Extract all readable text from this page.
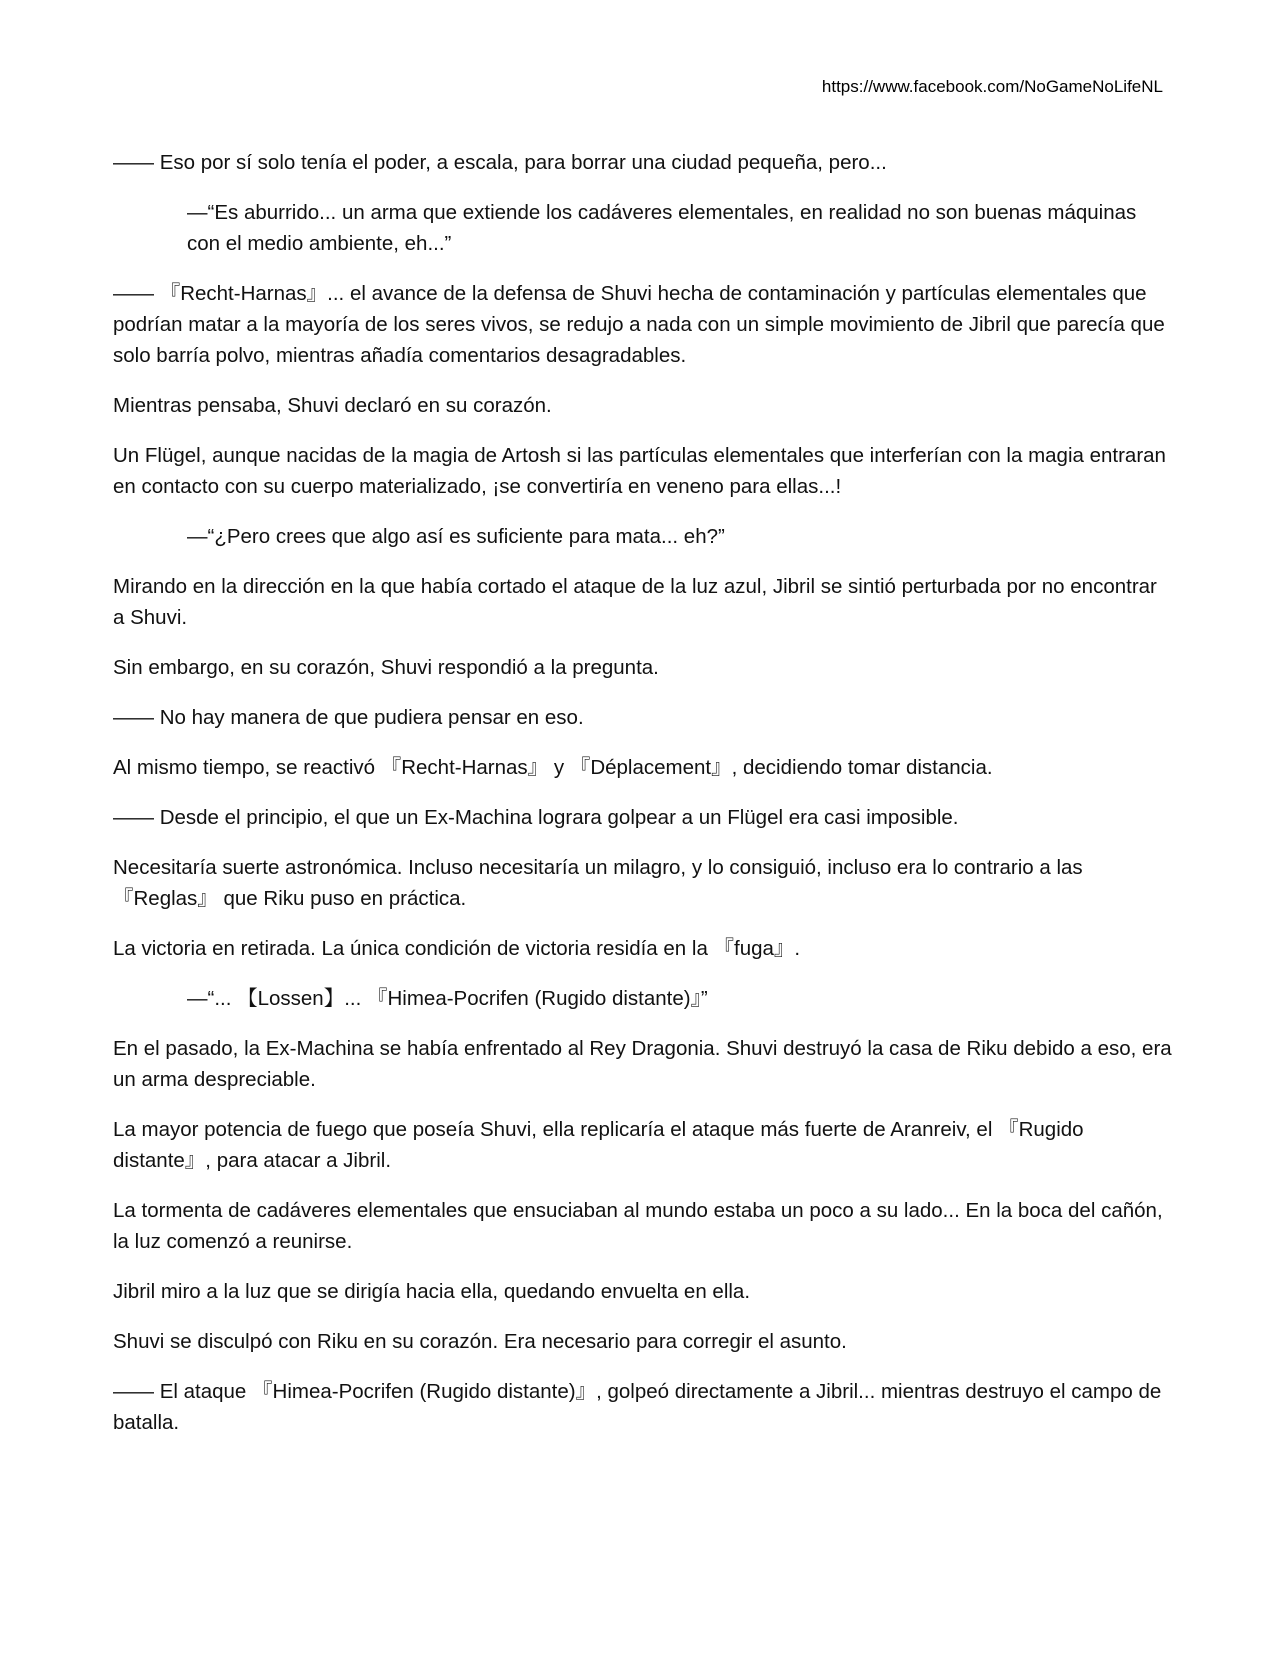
https://www.facebook.com/NoGameNoLifeNL

—— Eso por sí solo tenía el poder, a escala, para borrar una ciudad pequeña, pero...

—“Es aburrido... un arma que extiende los cadáveres elementales, en realidad no son buenas máquinas con el medio ambiente, eh...”

—— 『Recht-Harnas』... el avance de la defensa de Shuvi hecha de contaminación y partículas elementales que podrían matar a la mayoría de los seres vivos, se redujo a nada con un simple movimiento de Jibril que parecía que solo barría polvo, mientras añadía comentarios desagradables.

Mientras pensaba, Shuvi declaró en su corazón.

Un Flügel, aunque nacidas de la magia de Artosh si las partículas elementales que interferían con la magia entraran en contacto con su cuerpo materializado, ¡se convertiría en veneno para ellas...!

—“¿Pero crees que algo así es suficiente para mata... eh?”

Mirando en la dirección en la que había cortado el ataque de la luz azul, Jibril se sintió perturbada por no encontrar a Shuvi.

Sin embargo, en su corazón, Shuvi respondió a la pregunta.

—— No hay manera de que pudiera pensar en eso.

Al mismo tiempo, se reactivó 『Recht-Harnas』 y 『Déplacement』, decidiendo tomar distancia.

—— Desde el principio, el que un Ex-Machina lograra golpear a un Flügel era casi imposible.

Necesitaría suerte astronómica. Incluso necesitaría un milagro, y lo consiguió, incluso era lo contrario a las 『Reglas』 que Riku puso en práctica.

La victoria en retirada. La única condición de victoria residía en la 『fuga』.

—“... 【Lossen】... 『Himea-Pocrifen (Rugido distante)』”

En el pasado, la Ex-Machina se había enfrentado al Rey Dragonia. Shuvi destruyó la casa de Riku debido a eso, era un arma despreciable.

La mayor potencia de fuego que poseía Shuvi, ella replicaría el ataque más fuerte de Aranreiv, el 『Rugido distante』, para atacar a Jibril.

La tormenta de cadáveres elementales que ensuciaban al mundo estaba un poco a su lado... En la boca del cañón, la luz comenzó a reunirse.

Jibril miro a la luz que se dirigía hacia ella, quedando envuelta en ella.

Shuvi se disculpó con Riku en su corazón. Era necesario para corregir el asunto.

—— El ataque 『Himea-Pocrifen (Rugido distante)』, golpeó directamente a Jibril... mientras destruyo el campo de batalla.
